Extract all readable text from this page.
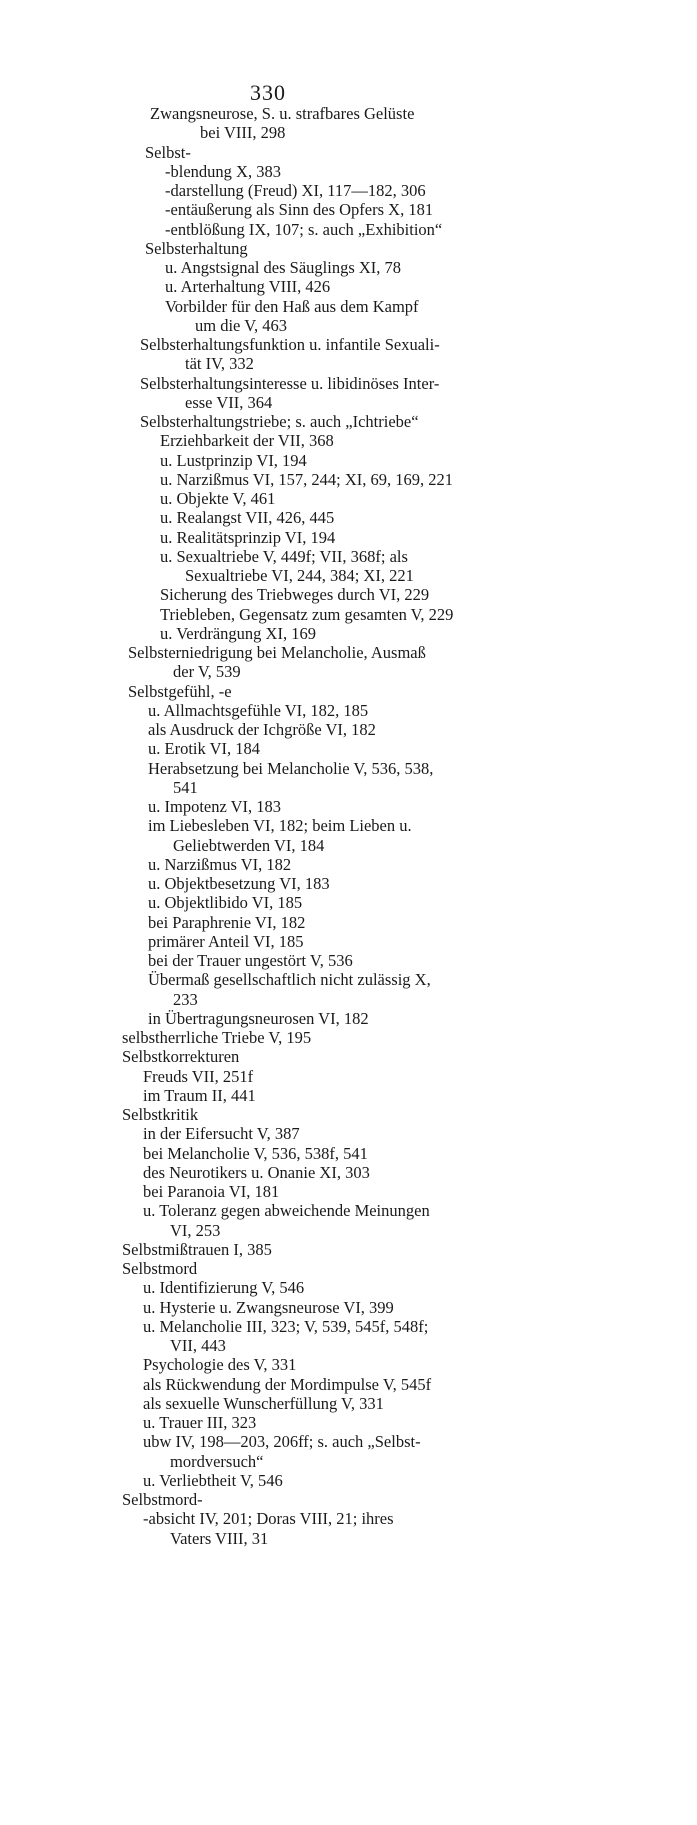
330
Zwangsneurose, S. u. strafbares Gelüste
bei VIII, 298
Selbst-
-blendung X, 383
-darstellung (Freud) XI, 117—182, 306
-entäußerung als Sinn des Opfers X, 181
-entblößung IX, 107; s. auch „Exhibition“
Selbsterhaltung
u. Angstsignal des Säuglings XI, 78
u. Arterhaltung VIII, 426
Vorbilder für den Haß aus dem Kampf
um die V, 463
Selbsterhaltungsfunktion u. infantile Sexuali-
tät IV, 332
Selbsterhaltungsinteresse u. libidinöses Inter-
esse VII, 364
Selbsterhaltungstriebe; s. auch „Ichtriebe“
Erziehbarkeit der VII, 368
u. Lustprinzip VI, 194
u. Narzißmus VI, 157, 244; XI, 69, 169, 221
u. Objekte V, 461
u. Realangst VII, 426, 445
u. Realitätsprinzip VI, 194
u. Sexualtriebe V, 449f; VII, 368f; als
Sexualtriebe VI, 244, 384; XI, 221
Sicherung des Triebweges durch VI, 229
Triebleben, Gegensatz zum gesamten V, 229
u. Verdrängung XI, 169
Selbsterniedrigung bei Melancholie, Ausmaß
der V, 539
Selbstgefühl, -e
u. Allmachtsgefühle VI, 182, 185
als Ausdruck der Ichgröße VI, 182
u. Erotik VI, 184
Herabsetzung bei Melancholie V, 536, 538,
541
u. Impotenz VI, 183
im Liebesleben VI, 182; beim Lieben u.
Geliebtwerden VI, 184
u. Narzißmus VI, 182
u. Objektbesetzung VI, 183
u. Objektlibido VI, 185
bei Paraphrenie VI, 182
primärer Anteil VI, 185
bei der Trauer ungestört V, 536
Übermaß gesellschaftlich nicht zulässig X,
233
in Übertragungsneurosen VI, 182
selbstherrliche Triebe V, 195
Selbstkorrekturen
Freuds VII, 251f
im Traum II, 441
Selbstkritik
in der Eifersucht V, 387
bei Melancholie V, 536, 538f, 541
des Neurotikers u. Onanie XI, 303
bei Paranoia VI, 181
u. Toleranz gegen abweichende Meinungen
VI, 253
Selbstmißtrauen I, 385
Selbstmord
u. Identifizierung V, 546
u. Hysterie u. Zwangsneurose VI, 399
u. Melancholie III, 323; V, 539, 545f, 548f;
VII, 443
Psychologie des V, 331
als Rückwendung der Mordimpulse V, 545f
als sexuelle Wunscherfüllung V, 331
u. Trauer III, 323
ubw IV, 198—203, 206ff; s. auch „Selbst-
mordversuch“
u. Verliebtheit V, 546
Selbstmord-
-absicht IV, 201; Doras VIII, 21; ihres
Vaters VIII, 31
